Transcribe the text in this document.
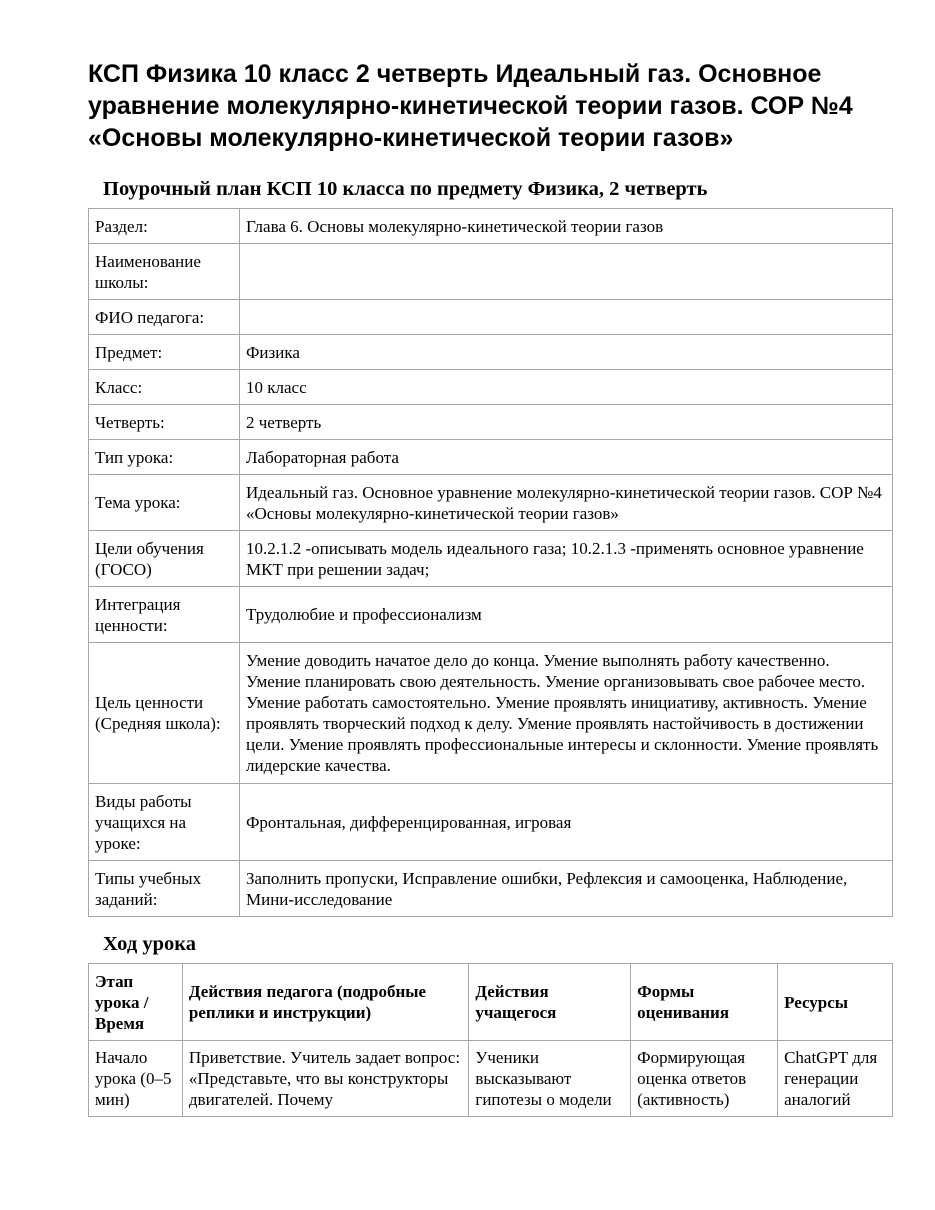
КСП Физика 10 класс 2 четверть Идеальный газ. Основное уравнение молекулярно-кинетической теории газов. СОР №4 «Основы молекулярно-кинетической теории газов»
Поурочный план КСП 10 класса по предмету Физика, 2 четверть
Раздел:	Глава 6. Основы молекулярно-кинетической теории газов
Наименование школы:	
ФИО педагога:	
Предмет:	Физика
Класс:	10 класс
Четверть:	2 четверть
Тип урока:	Лабораторная работа
Тема урока:	Идеальный газ. Основное уравнение молекулярно-кинетической теории газов. СОР №4 «Основы молекулярно-кинетической теории газов»
Цели обучения (ГОСО)	10.2.1.2 -описывать модель идеального газа; 10.2.1.3 -применять основное уравнение МКТ при решении задач;
Интеграция ценности:	Трудолюбие и профессионализм
Цель ценности (Средняя школа):	Умение доводить начатое дело до конца. Умение выполнять работу качественно. Умение планировать свою деятельность. Умение организовывать свое рабочее место. Умение работать самостоятельно. Умение проявлять инициативу, активность. Умение проявлять творческий подход к делу. Умение проявлять настойчивость в достижении цели. Умение проявлять профессиональные интересы и склонности. Умение проявлять лидерские качества.
Виды работы учащихся на уроке:	Фронтальная, дифференцированная, игровая
Типы учебных заданий:	Заполнить пропуски, Исправление ошибки, Рефлексия и самооценка, Наблюдение, Мини-исследование
Ход урока
Этап урока / Время	Действия педагога (подробные реплики и инструкции)	Действия учащегося	Формы оценивания	Ресурсы
Начало урока (0–5 мин)	Приветствие. Учитель задает вопрос: «Представьте, что вы конструкторы двигателей. Почему	Ученики высказывают гипотезы о модели	Формирующая оценка ответов (активность)	ChatGPT для генерации аналогий
